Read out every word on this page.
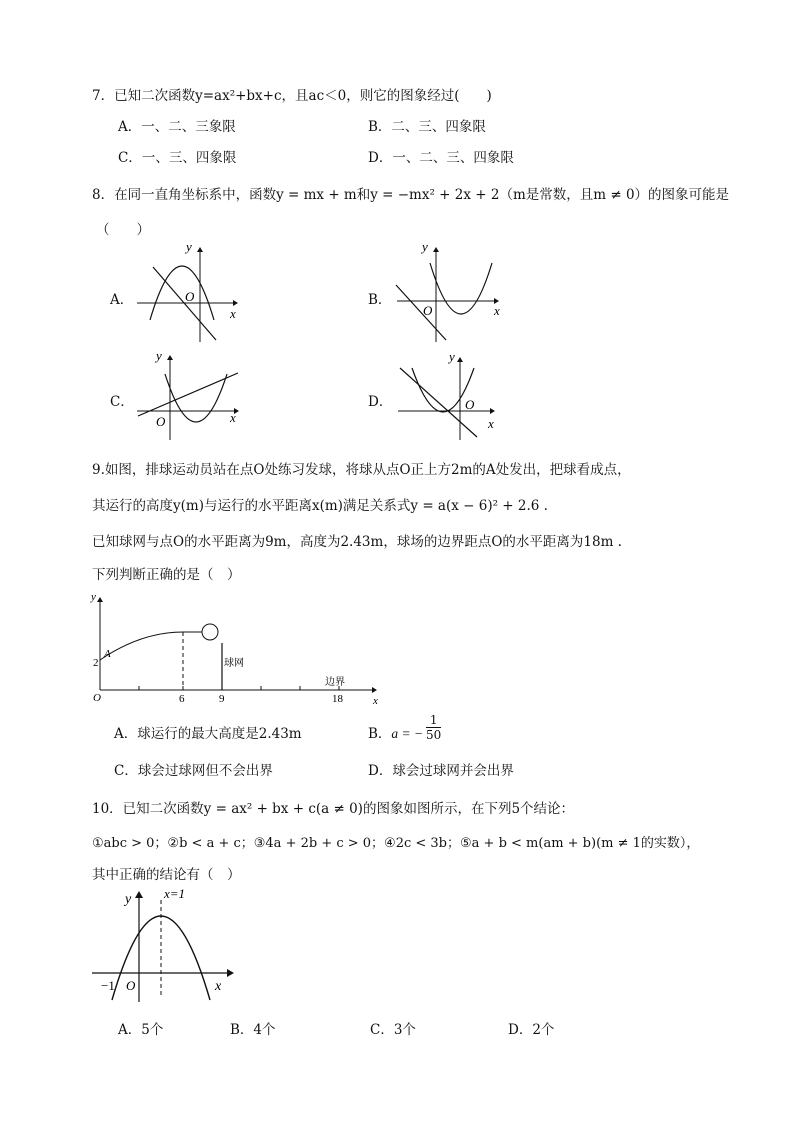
7．已知二次函数y=ax²+bx+c，且ac＜0，则它的图象经过(　　)
A．一、二、三象限	B．二、三、四象限
C．一、三、四象限	D．一、二、三、四象限
8．在同一直角坐标系中，函数y = mx + m和y = −mx² + 2x + 2（m是常数，且m ≠ 0）的图象可能是
（　　）
A．
y
O
x
B．
y
O	x
C．
y
O	x
D．
y
O
x
9.如图，排球运动员站在点O处练习发球，将球从点O正上方2m的A处发出，把球看成点，
其运行的高度y(m)与运行的水平距离x(m)满足关系式y = a(x − 6)² + 2.6 .
已知球网与点O的水平距离为9m，高度为2.43m，球场的边界距点O的水平距离为18m .
下列判断正确的是（　）
y
A
2
O	6	9	18	x
球网
边界
A．球运行的最大高度是2.43m	B．a = − $\frac{1}{50}$
C．球会过球网但不会出界	D．球会过球网并会出界
10．已知二次函数y = ax² + bx + c(a ≠ 0)的图象如图所示，在下列5个结论：
①abc > 0；②b < a + c；③4a + 2b + c > 0；④2c < 3b；⑤a + b < m(am + b)(m ≠ 1的实数），
其中正确的结论有（　）
y	x=1
−1 O	x
A．5个	B．4个	C．3个	D．2个
